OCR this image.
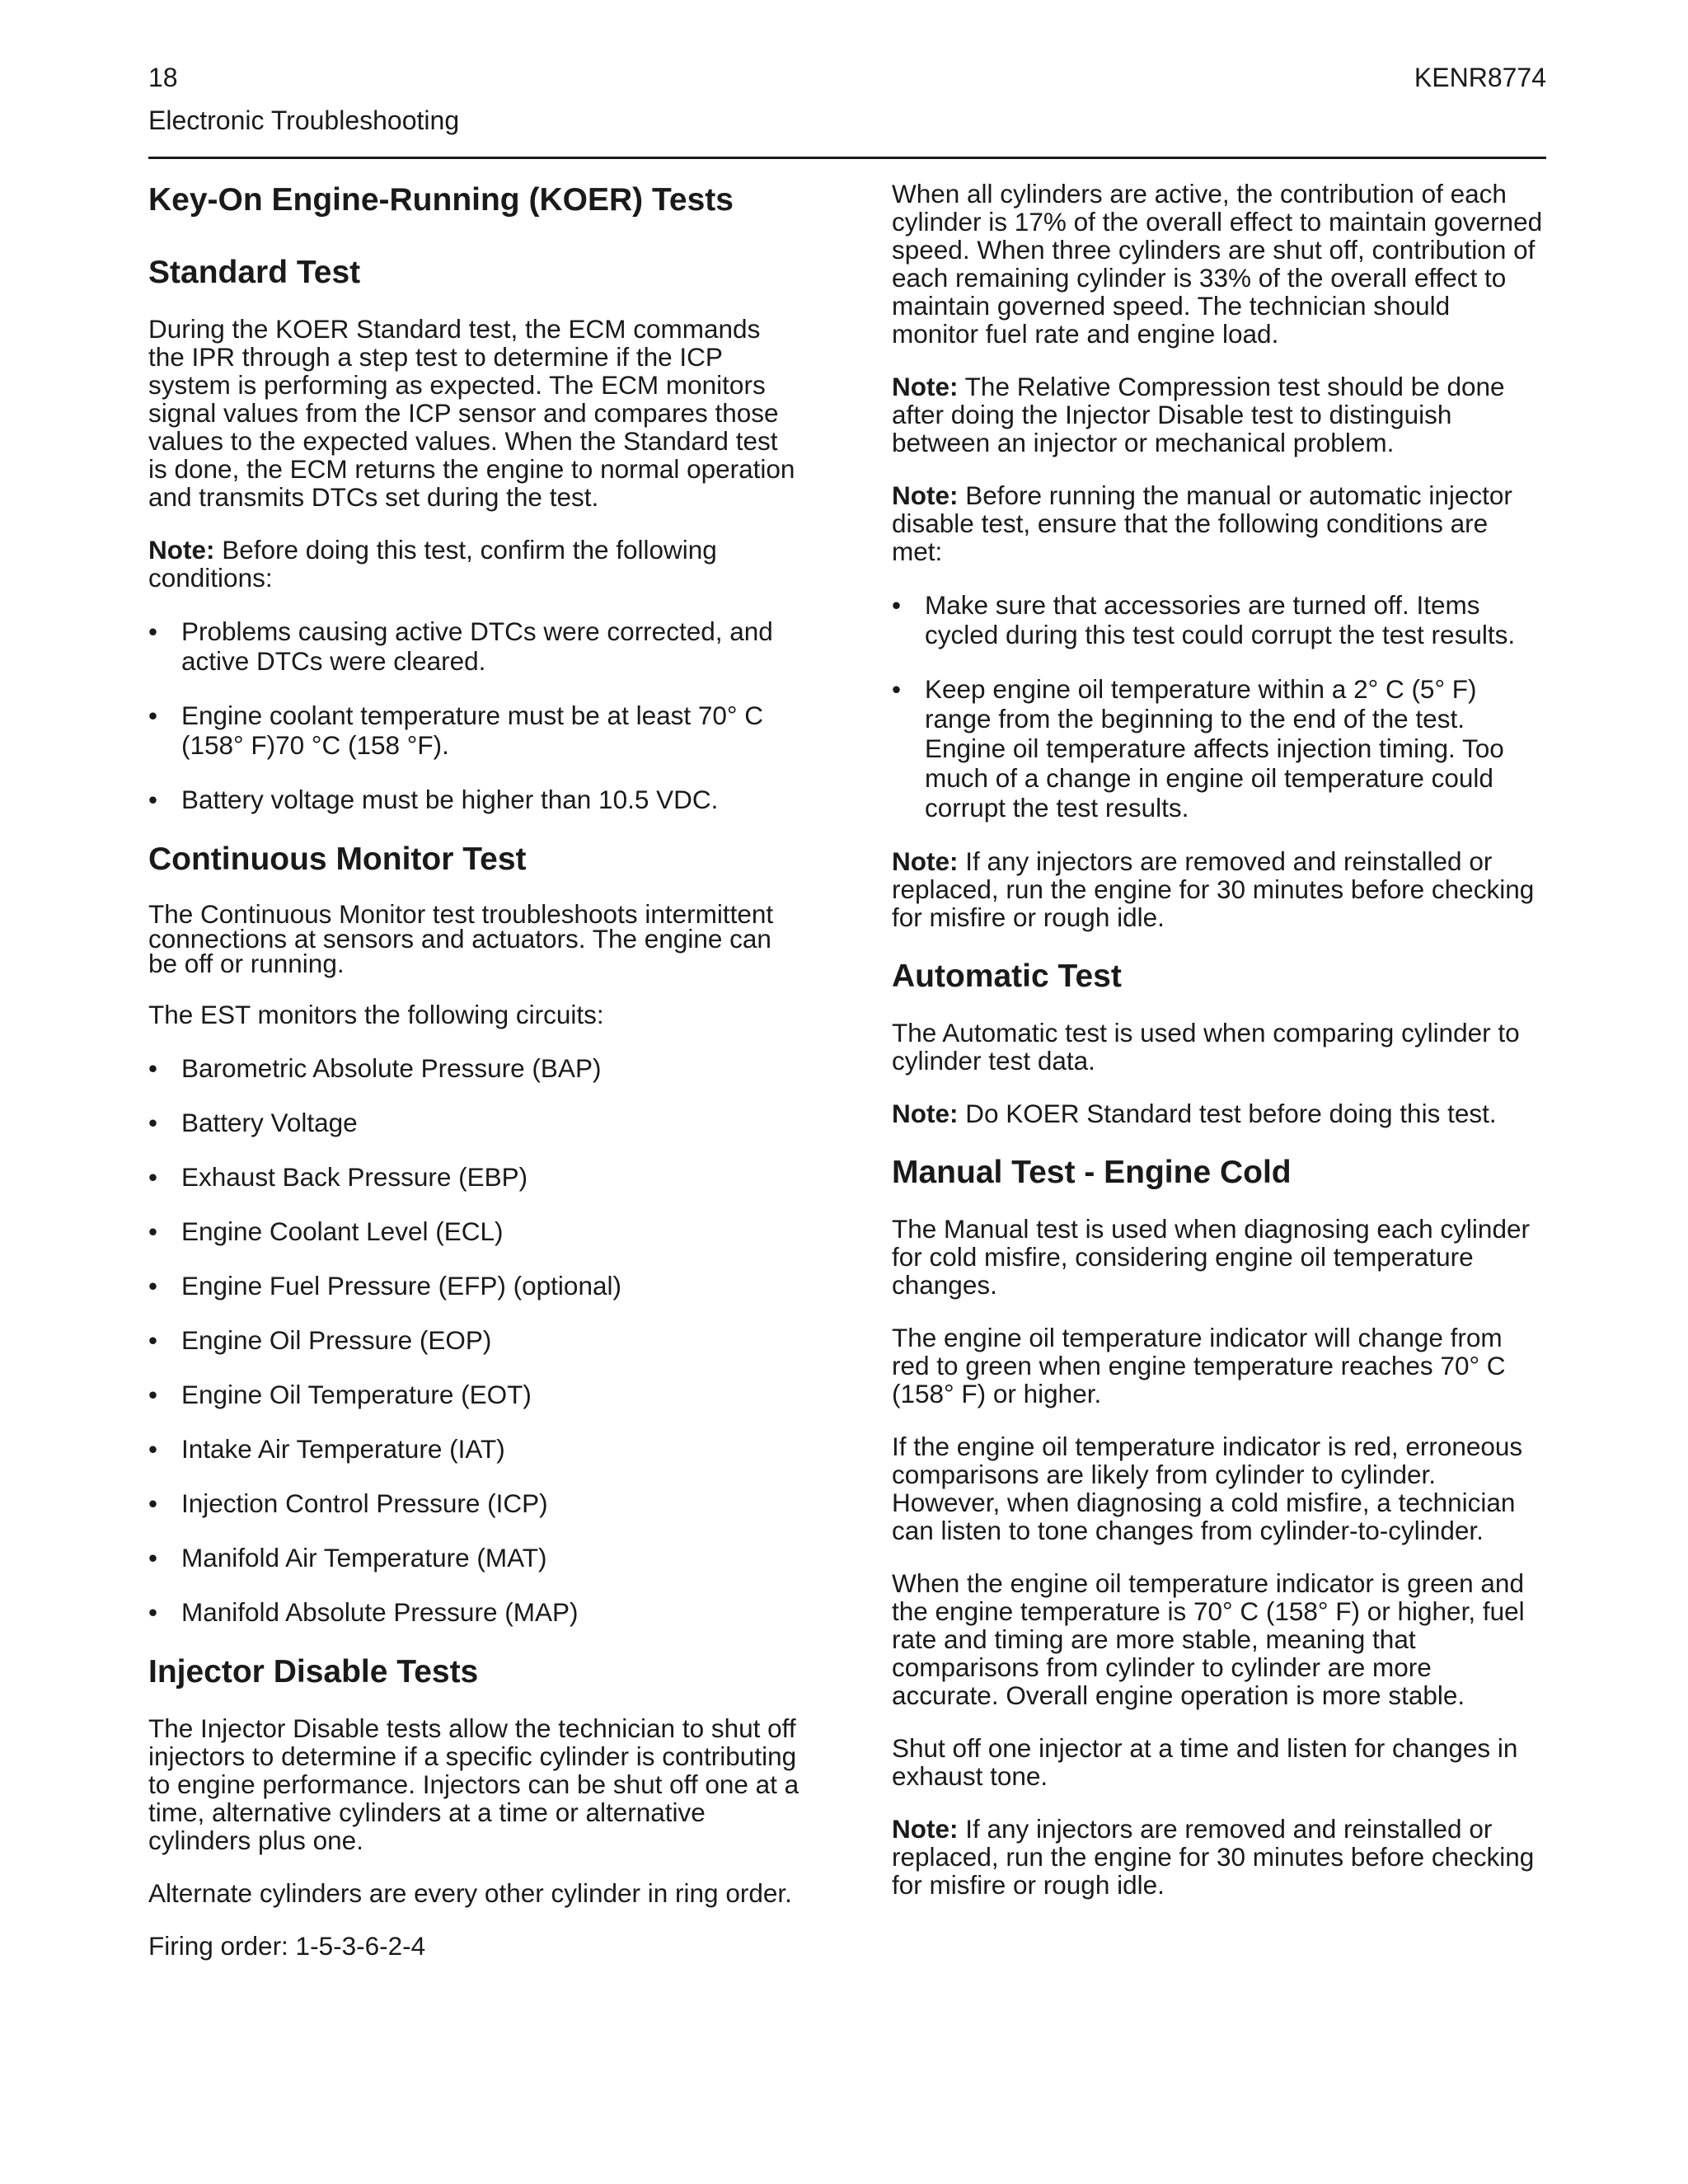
18
Electronic Troubleshooting
KENR8774
Key-On Engine-Running (KOER) Tests
Standard Test

During the KOER Standard test, the ECM commands the IPR through a step test to determine if the ICP system is performing as expected. The ECM monitors signal values from the ICP sensor and compares those values to the expected values. When the Standard test is done, the ECM returns the engine to normal operation and transmits DTCs set during the test.

Note: Before doing this test, confirm the following conditions:

• Problems causing active DTCs were corrected, and active DTCs were cleared.
• Engine coolant temperature must be at least 70° C (158° F)70 °C (158 °F).
• Battery voltage must be higher than 10.5 VDC.
Continuous Monitor Test

The Continuous Monitor test troubleshoots intermittent connections at sensors and actuators. The engine can be off or running.

The EST monitors the following circuits:

• Barometric Absolute Pressure (BAP)
• Battery Voltage
• Exhaust Back Pressure (EBP)
• Engine Coolant Level (ECL)
• Engine Fuel Pressure (EFP) (optional)
• Engine Oil Pressure (EOP)
• Engine Oil Temperature (EOT)
• Intake Air Temperature (IAT)
• Injection Control Pressure (ICP)
• Manifold Air Temperature (MAT)
• Manifold Absolute Pressure (MAP)
Injector Disable Tests

The Injector Disable tests allow the technician to shut off injectors to determine if a specific cylinder is contributing to engine performance. Injectors can be shut off one at a time, alternative cylinders at a time or alternative cylinders plus one.

Alternate cylinders are every other cylinder in ring order.

Firing order: 1-5-3-6-2-4

When all cylinders are active, the contribution of each cylinder is 17% of the overall effect to maintain governed speed. When three cylinders are shut off, contribution of each remaining cylinder is 33% of the overall effect to maintain governed speed. The technician should monitor fuel rate and engine load.

Note: The Relative Compression test should be done after doing the Injector Disable test to distinguish between an injector or mechanical problem.

Note: Before running the manual or automatic injector disable test, ensure that the following conditions are met:

• Make sure that accessories are turned off. Items cycled during this test could corrupt the test results.
• Keep engine oil temperature within a 2° C (5° F) range from the beginning to the end of the test. Engine oil temperature affects injection timing. Too much of a change in engine oil temperature could corrupt the test results.

Note: If any injectors are removed and reinstalled or replaced, run the engine for 30 minutes before checking for misfire or rough idle.

Automatic Test

The Automatic test is used when comparing cylinder to cylinder test data.

Note: Do KOER Standard test before doing this test.

Manual Test - Engine Cold

The Manual test is used when diagnosing each cylinder for cold misfire, considering engine oil temperature changes.

The engine oil temperature indicator will change from red to green when engine temperature reaches 70° C (158° F) or higher.

If the engine oil temperature indicator is red, erroneous comparisons are likely from cylinder to cylinder. However, when diagnosing a cold misfire, a technician can listen to tone changes from cylinder-to-cylinder.

When the engine oil temperature indicator is green and the engine temperature is 70° C (158° F) or higher, fuel rate and timing are more stable, meaning that comparisons from cylinder to cylinder are more accurate. Overall engine operation is more stable.

Shut off one injector at a time and listen for changes in exhaust tone.

Note: If any injectors are removed and reinstalled or replaced, run the engine for 30 minutes before checking for misfire or rough idle.
